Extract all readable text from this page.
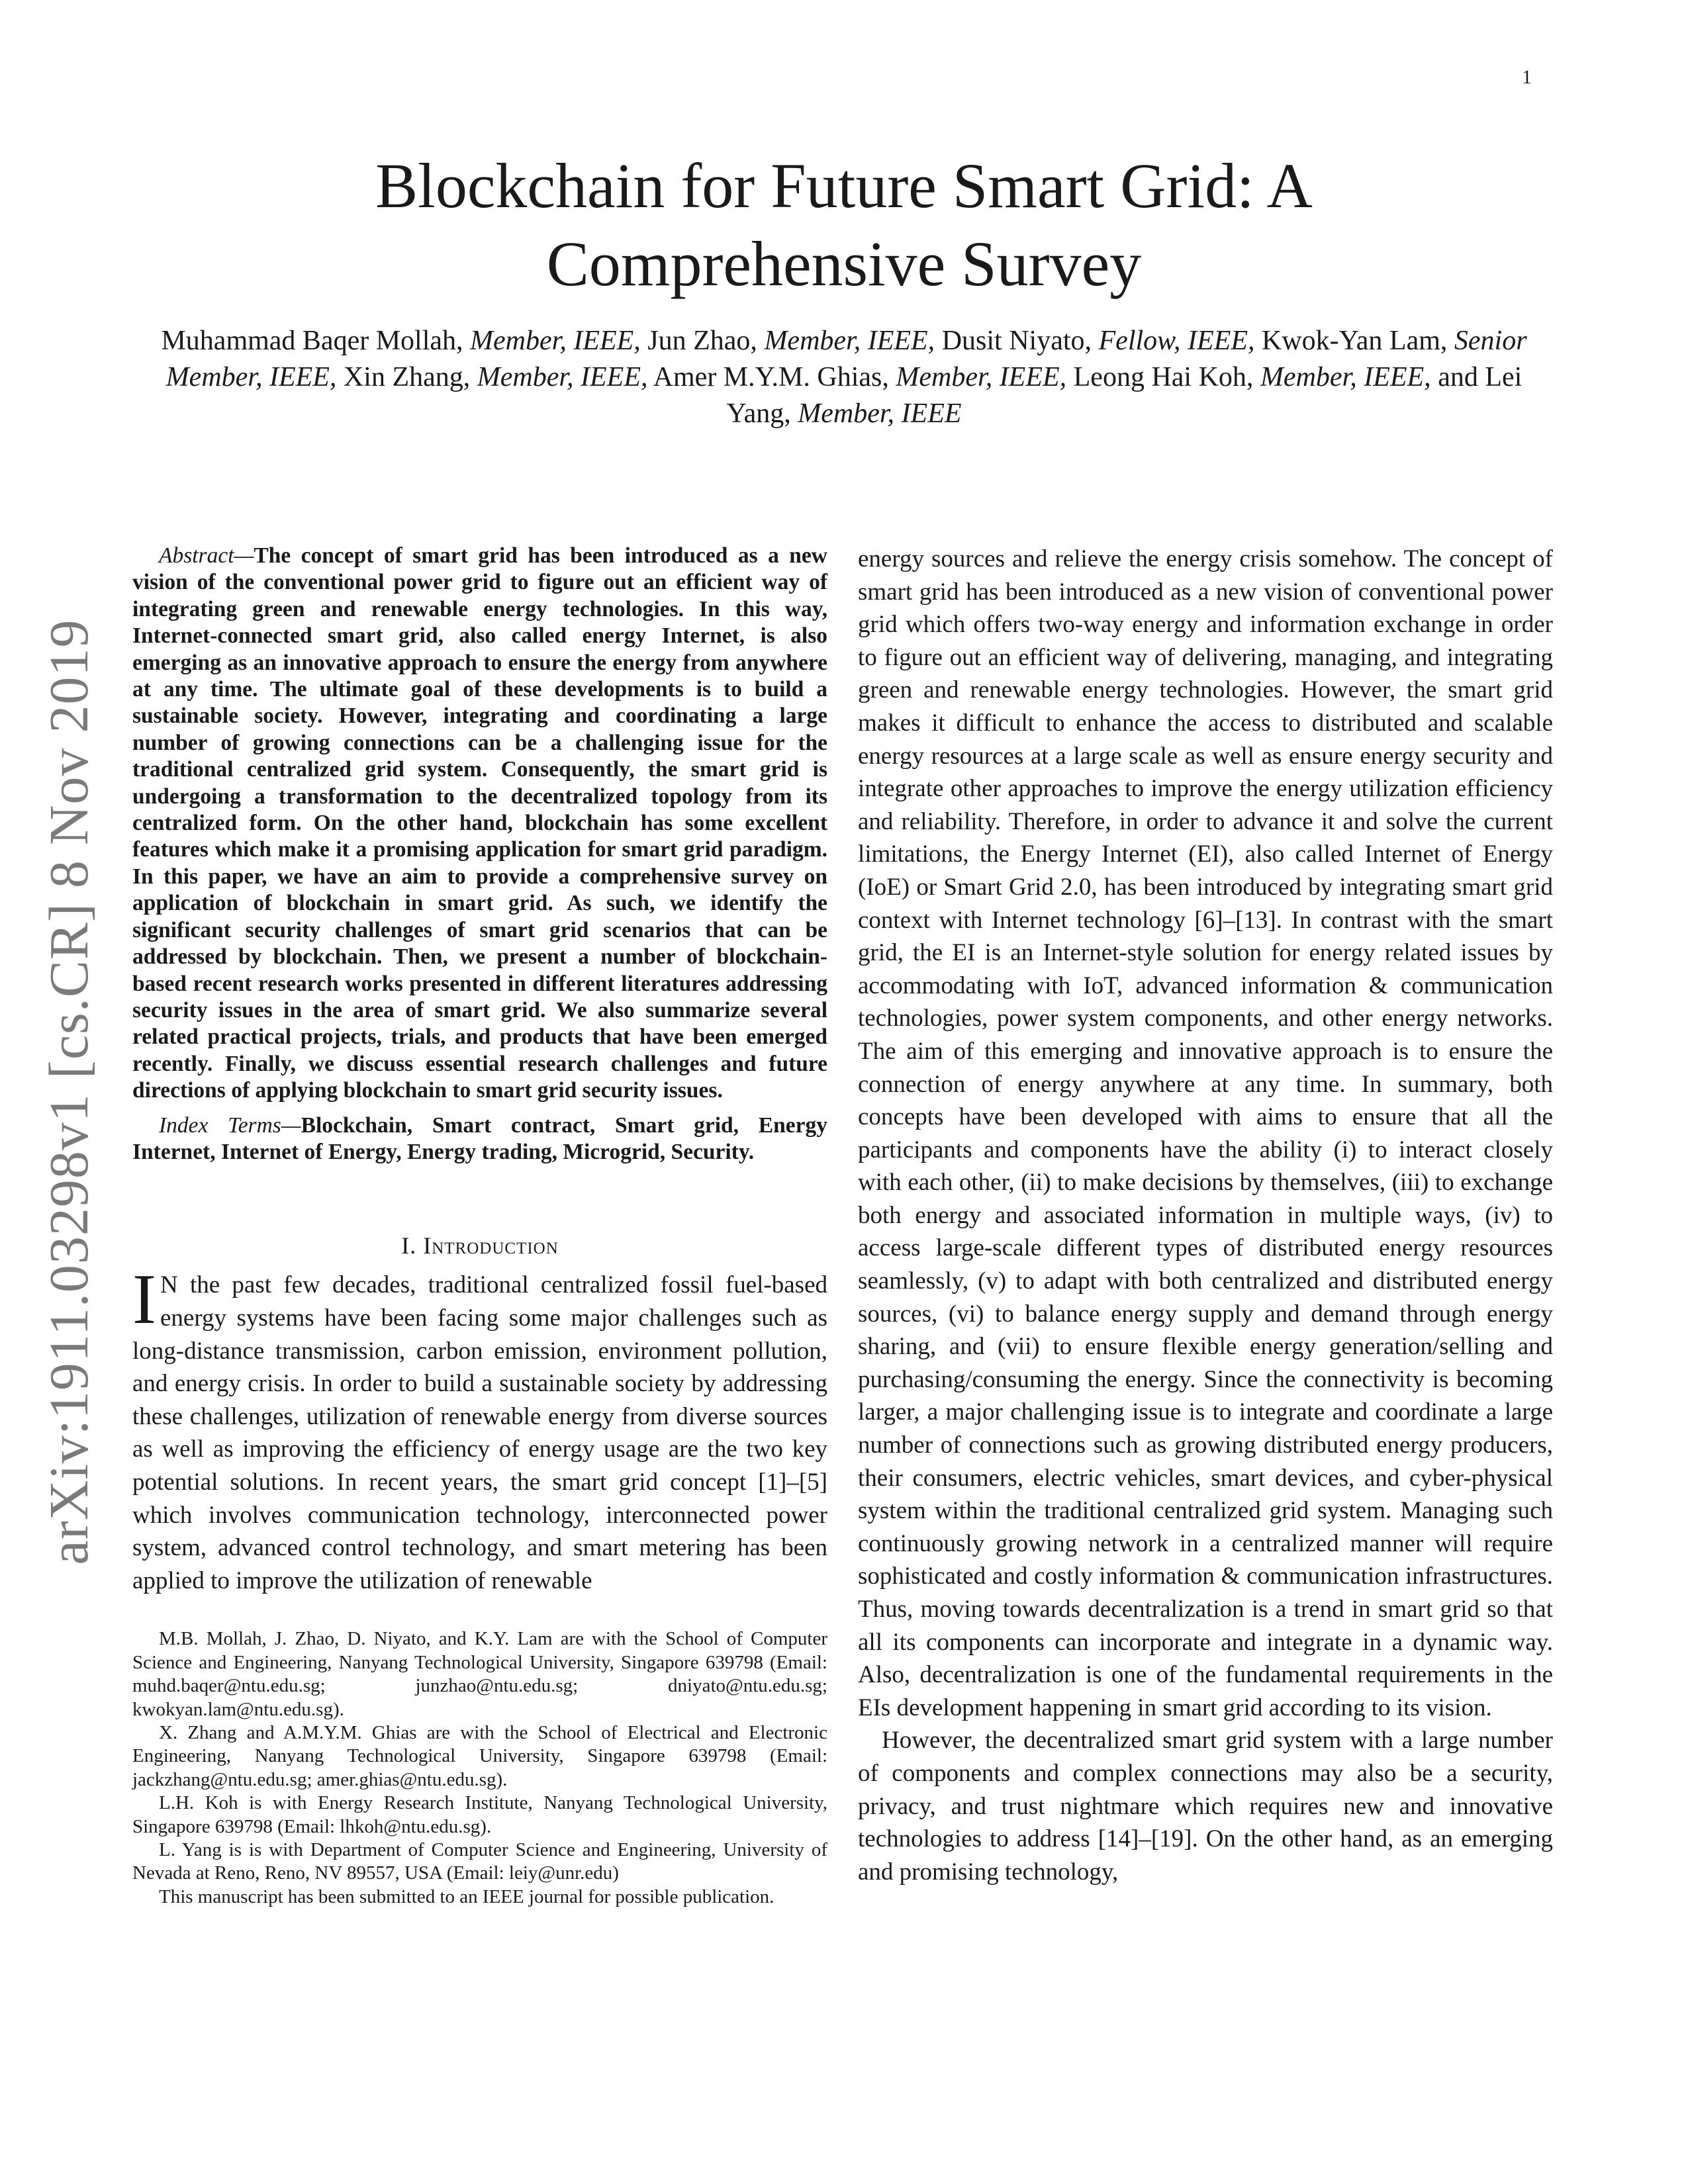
1
arXiv:1911.03298v1 [cs.CR] 8 Nov 2019
Blockchain for Future Smart Grid: A Comprehensive Survey
Muhammad Baqer Mollah, Member, IEEE, Jun Zhao, Member, IEEE, Dusit Niyato, Fellow, IEEE, Kwok-Yan Lam, Senior Member, IEEE, Xin Zhang, Member, IEEE, Amer M.Y.M. Ghias, Member, IEEE, Leong Hai Koh, Member, IEEE, and Lei Yang, Member, IEEE

Abstract—The concept of smart grid has been introduced as a new vision of the conventional power grid to figure out an efficient way of integrating green and renewable energy technologies. In this way, Internet-connected smart grid, also called energy Internet, is also emerging as an innovative approach to ensure the energy from anywhere at any time. The ultimate goal of these developments is to build a sustainable society. However, integrating and coordinating a large number of growing connections can be a challenging issue for the traditional centralized grid system. Consequently, the smart grid is undergoing a transformation to the decentralized topology from its centralized form. On the other hand, blockchain has some excellent features which make it a promising application for smart grid paradigm. In this paper, we have an aim to provide a comprehensive survey on application of blockchain in smart grid. As such, we identify the significant security challenges of smart grid scenarios that can be addressed by blockchain. Then, we present a number of blockchain-based recent research works presented in different literatures addressing security issues in the area of smart grid. We also summarize several related practical projects, trials, and products that have been emerged recently. Finally, we discuss essential research challenges and future directions of applying blockchain to smart grid security issues.

Index Terms—Blockchain, Smart contract, Smart grid, Energy Internet, Internet of Energy, Energy trading, Microgrid, Security.

I. Introduction

I N the past few decades, traditional centralized fossil fuel-based energy systems have been facing some major challenges such as long-distance transmission, carbon emission, environment pollution, and energy crisis. In order to build a sustainable society by addressing these challenges, utilization of renewable energy from diverse sources as well as improving the efficiency of energy usage are the two key potential solutions. In recent years, the smart grid concept [1]–[5] which involves communication technology, interconnected power system, advanced control technology, and smart metering has been applied to improve the utilization of renewable

M.B. Mollah, J. Zhao, D. Niyato, and K.Y. Lam are with the School of Computer Science and Engineering, Nanyang Technological University, Singapore 639798 (Email: muhd.baqer@ntu.edu.sg; junzhao@ntu.edu.sg; dniyato@ntu.edu.sg; kwokyan.lam@ntu.edu.sg).

X. Zhang and A.M.Y.M. Ghias are with the School of Electrical and Electronic Engineering, Nanyang Technological University, Singapore 639798 (Email: jackzhang@ntu.edu.sg; amer.ghias@ntu.edu.sg).

L.H. Koh is with Energy Research Institute, Nanyang Technological University, Singapore 639798 (Email: lhkoh@ntu.edu.sg).

L. Yang is is with Department of Computer Science and Engineering, University of Nevada at Reno, Reno, NV 89557, USA (Email: leiy@unr.edu)

This manuscript has been submitted to an IEEE journal for possible publication.

energy sources and relieve the energy crisis somehow. The concept of smart grid has been introduced as a new vision of conventional power grid which offers two-way energy and information exchange in order to figure out an efficient way of delivering, managing, and integrating green and renewable energy technologies. However, the smart grid makes it difficult to enhance the access to distributed and scalable energy resources at a large scale as well as ensure energy security and integrate other approaches to improve the energy utilization efficiency and reliability. Therefore, in order to advance it and solve the current limitations, the Energy Internet (EI), also called Internet of Energy (IoE) or Smart Grid 2.0, has been introduced by integrating smart grid context with Internet technology [6]–[13]. In contrast with the smart grid, the EI is an Internet-style solution for energy related issues by accommodating with IoT, advanced information & communication technologies, power system components, and other energy networks. The aim of this emerging and innovative approach is to ensure the connection of energy anywhere at any time. In summary, both concepts have been developed with aims to ensure that all the participants and components have the ability (i) to interact closely with each other, (ii) to make decisions by themselves, (iii) to exchange both energy and associated information in multiple ways, (iv) to access large-scale different types of distributed energy resources seamlessly, (v) to adapt with both centralized and distributed energy sources, (vi) to balance energy supply and demand through energy sharing, and (vii) to ensure flexible energy generation/selling and purchasing/consuming the energy. Since the connectivity is becoming larger, a major challenging issue is to integrate and coordinate a large number of connections such as growing distributed energy producers, their consumers, electric vehicles, smart devices, and cyber-physical system within the traditional centralized grid system. Managing such continuously growing network in a centralized manner will require sophisticated and costly information & communication infrastructures. Thus, moving towards decentralization is a trend in smart grid so that all its components can incorporate and integrate in a dynamic way. Also, decentralization is one of the fundamental requirements in the EIs development happening in smart grid according to its vision.

However, the decentralized smart grid system with a large number of components and complex connections may also be a security, privacy, and trust nightmare which requires new and innovative technologies to address [14]–[19]. On the other hand, as an emerging and promising technology,
